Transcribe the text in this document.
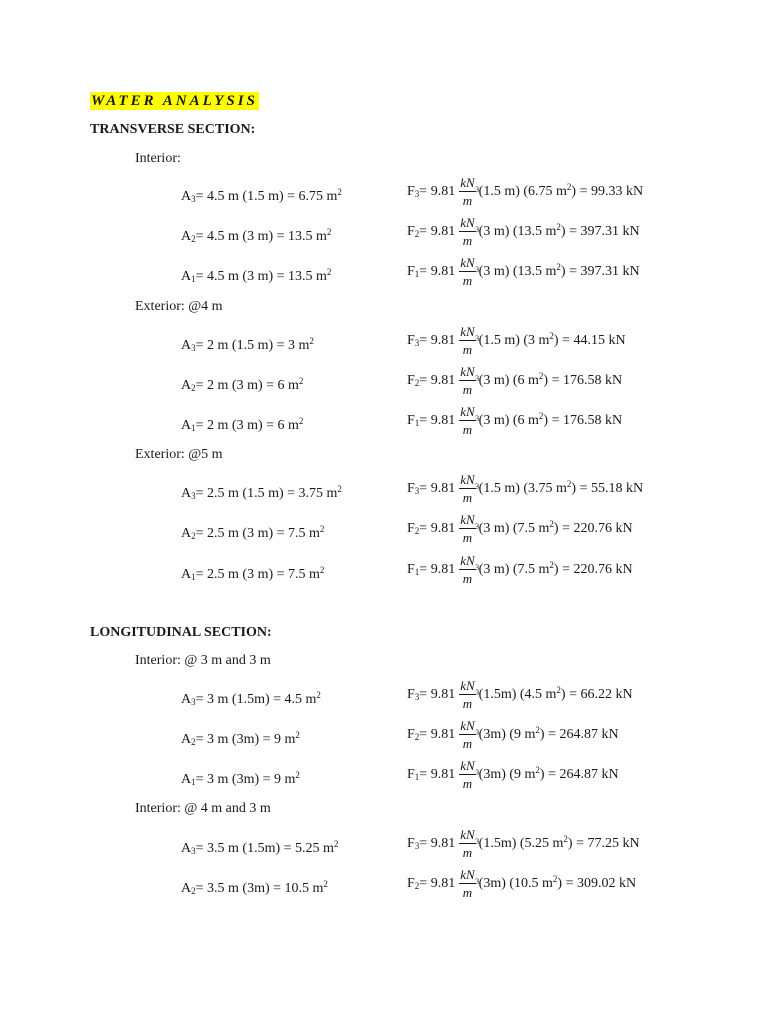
WATER ANALYSIS
TRANSVERSE SECTION:
LONGITUDINAL SECTION:
Interior:
Exterior: @4 m
Exterior: @5 m
Interior: @ 3 m and 3 m
Interior: @ 4 m and 3 m
$A_3= 4.5$ m (1.5 m) = 6.75 $m^2$	$F_3 = 9.81$ kN
m
3 (1.5 m) (6.75 $m^2) = 99.33$ kN
$A_2= 4.5$ m (3 m) = 13.5 $m^2$	$F_2 = 9.81$ kN
m
3 (3 m) (13.5 $m^2) = 397.31$ kN
$A_1= 4.5$ m (3 m) = 13.5 $m^2$	$F_1 = 9.81$ kN
m
3 (3 m) (13.5 $m^2) = 397.31$ kN
$A_3= 2$ m (1.5 m) = 3 $m^2$	$F_3 = 9.81$ kN
m
3 (1.5 m) (3 $m^2) = 44.15$ kN
$A_2= 2$ m (3 m) = 6 $m^2$	$F_2 = 9.81$ kN
m
3 (3 m) (6 $m^2) = 176.58$ kN
$A_1= 2$ m (3 m) = 6 $m^2$	$F_1 = 9.81$ kN
m
3 (3 m) (6 $m^2) = 176.58$ kN
$A_3= 2.5$ m (1.5 m) = 3.75 $m^2$	$F_3 = 9.81$ kN
m
3 (1.5 m) (3.75 $m^2) = 55.18$ kN
$A_2= 2.5$ m (3 m) = 7.5 $m^2$	$F_2 = 9.81$ kN
m
3 (3 m) (7.5 $m^2) = 220.76$ kN
$A_1= 2.5$ m (3 m) = 7.5 $m^2$	$F_1 = 9.81$ kN
m
3 (3 m) (7.5 $m^2) = 220.76$ kN
$A_3= 3$ m (1.5m) = 4.5 $m^2$	$F_3 = 9.81$ kN
m
3 (1.5m) (4.5 $m^2) = 66.22$ kN
$A_2= 3$ m (3m) = 9 $m^2$	$F_2 = 9.81$ kN
m
3 (3m) (9 $m^2) = 264.87$ kN
$A_1= 3$ m (3m) = 9 $m^2$	$F_1 = 9.81$ kN
m
3 (3m) (9 $m^2) = 264.87$ kN
$A_3= 3.5$ m (1.5m) = 5.25 $m^2$	$F_3 = 9.81$ kN
m
3 (1.5m) (5.25 $m^2) = 77.25$ kN
$A_2= 3.5$ m (3m) = 10.5 $m^2$	$F_2 = 9.81$ kN
m
3 (3m) (10.5 $m^2) = 309.02$ kN
